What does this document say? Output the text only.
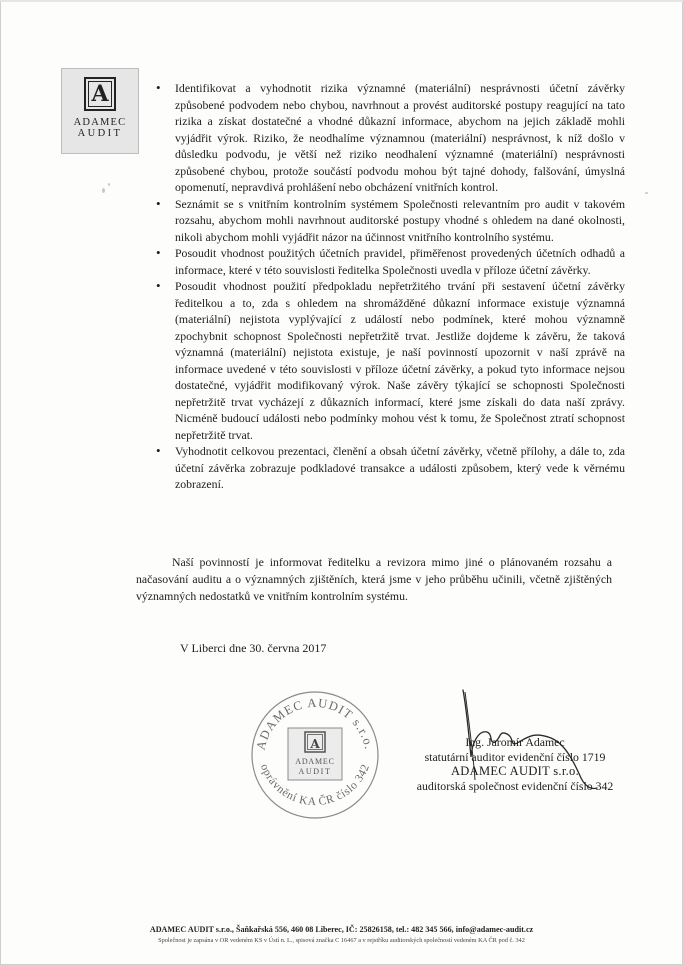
A
ADAMEC
AUDIT
• Identifikovat a vyhodnotit rizika významné (materiální) nesprávnosti účetní závěrky způsobené podvodem nebo chybou, navrhnout a provést auditorské postupy reagující na tato rizika a získat dostatečné a vhodné důkazní informace, abychom na jejich základě mohli vyjádřit výrok. Riziko, že neodhalíme významnou (materiální) nesprávnost, k níž došlo v důsledku podvodu, je větší než riziko neodhalení významné (materiální) nesprávnosti způsobené chybou, protože součástí podvodu mohou být tajné dohody, falšování, úmyslná opomenutí, nepravdivá prohlášení nebo obcházení vnitřních kontrol.
• Seznámit se s vnitřním kontrolním systémem Společnosti relevantním pro audit v takovém rozsahu, abychom mohli navrhnout auditorské postupy vhodné s ohledem na dané okolnosti, nikoli abychom mohli vyjádřit názor na účinnost vnitřního kontrolního systému.
• Posoudit vhodnost použitých účetních pravidel, přiměřenost provedených účetních odhadů a informace, které v této souvislosti ředitelka Společnosti uvedla v příloze účetní závěrky.
• Posoudit vhodnost použití předpokladu nepřetržitého trvání při sestavení účetní závěrky ředitelkou a to, zda s ohledem na shromážděné důkazní informace existuje významná (materiální) nejistota vyplývající z událostí nebo podmínek, které mohou významně zpochybnit schopnost Společnosti nepřetržitě trvat. Jestliže dojdeme k závěru, že taková významná (materiální) nejistota existuje, je naší povinností upozornit v naší zprávě na informace uvedené v této souvislosti v příloze účetní závěrky, a pokud tyto informace nejsou dostatečné, vyjádřit modifikovaný výrok. Naše závěry týkající se schopnosti Společnosti nepřetržitě trvat vycházejí z důkazních informací, které jsme získali do data naší zprávy. Nicméně budoucí události nebo podmínky mohou vést k tomu, že Společnost ztratí schopnost nepřetržitě trvat.
• Vyhodnotit celkovou prezentaci, členění a obsah účetní závěrky, včetně přílohy, a dále to, zda účetní závěrka zobrazuje podkladové transakce a události způsobem, který vede k věrnému zobrazení.
Naší povinností je informovat ředitelku a revizora mimo jiné o plánovaném rozsahu a načasování auditu a o významných zjištěních, která jsme v jeho průběhu učinili, včetně zjištěných významných nedostatků ve vnitřním kontrolním systému.
V Liberci dne 30. června 2017
ADAMEC AUDIT s.r.o.
oprávnění KA ČR číslo 342
A
ADAMEC
AUDIT
Ing. Jaromír Adamec
statutární auditor evidenční číslo 1719
ADAMEC AUDIT s.r.o.
auditorská společnost evidenční číslo 342
ADAMEC AUDIT s.r.o., Šaňkařská 556, 460 08 Liberec, IČ: 25826158, tel.: 482 345 566, info@adamec-audit.cz
Společnost je zapsána v OR vedeném KS v Ústí n. L., spisová značka C 16467 a v rejstříku auditorských společností vedeném KA ČR pod č. 342
